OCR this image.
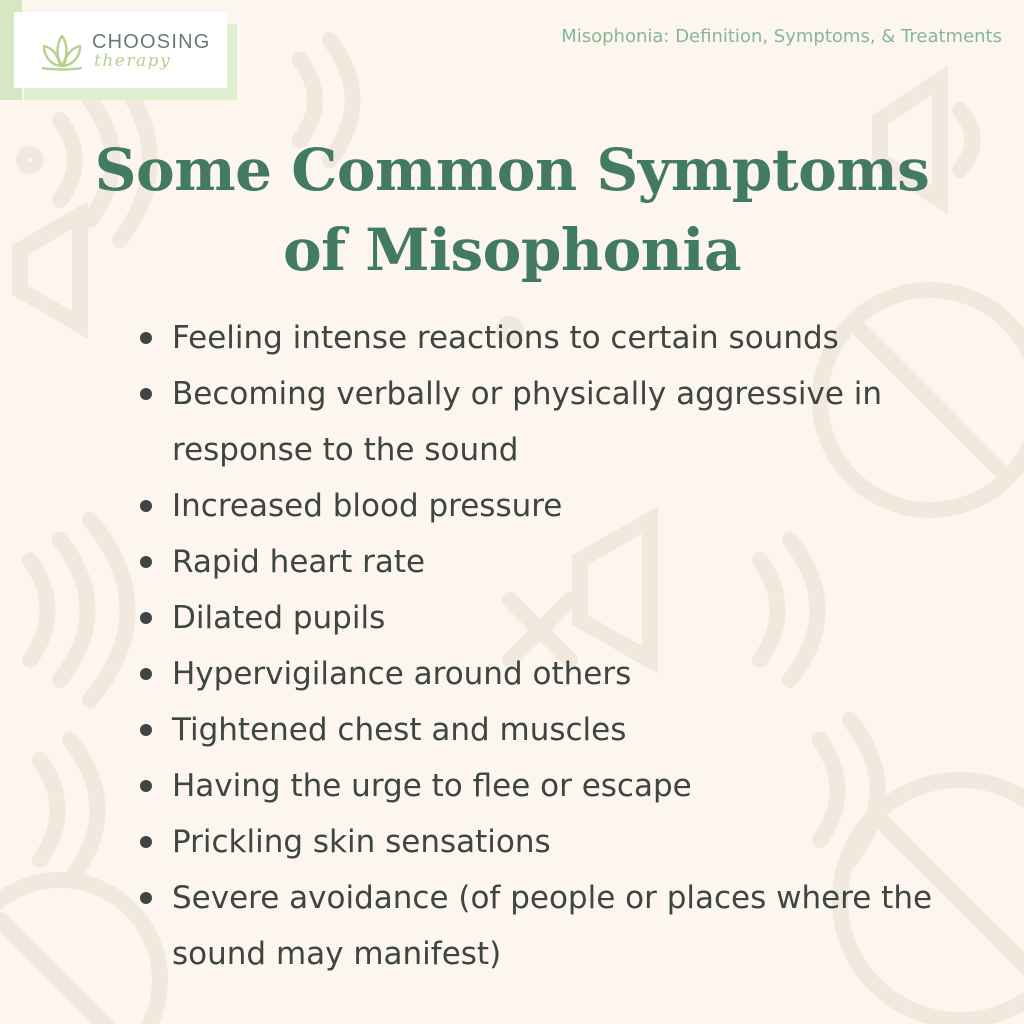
CHOOSING
therapy
Misophonia: Definition, Symptoms, & Treatments
Some Common Symptoms
of Misophonia
Feeling intense reactions to certain sounds
Becoming verbally or physically aggressive in response to the sound
Increased blood pressure
Rapid heart rate
Dilated pupils
Hypervigilance around others
Tightened chest and muscles
Having the urge to flee or escape
Prickling skin sensations
Severe avoidance (of people or places where the sound may manifest)
